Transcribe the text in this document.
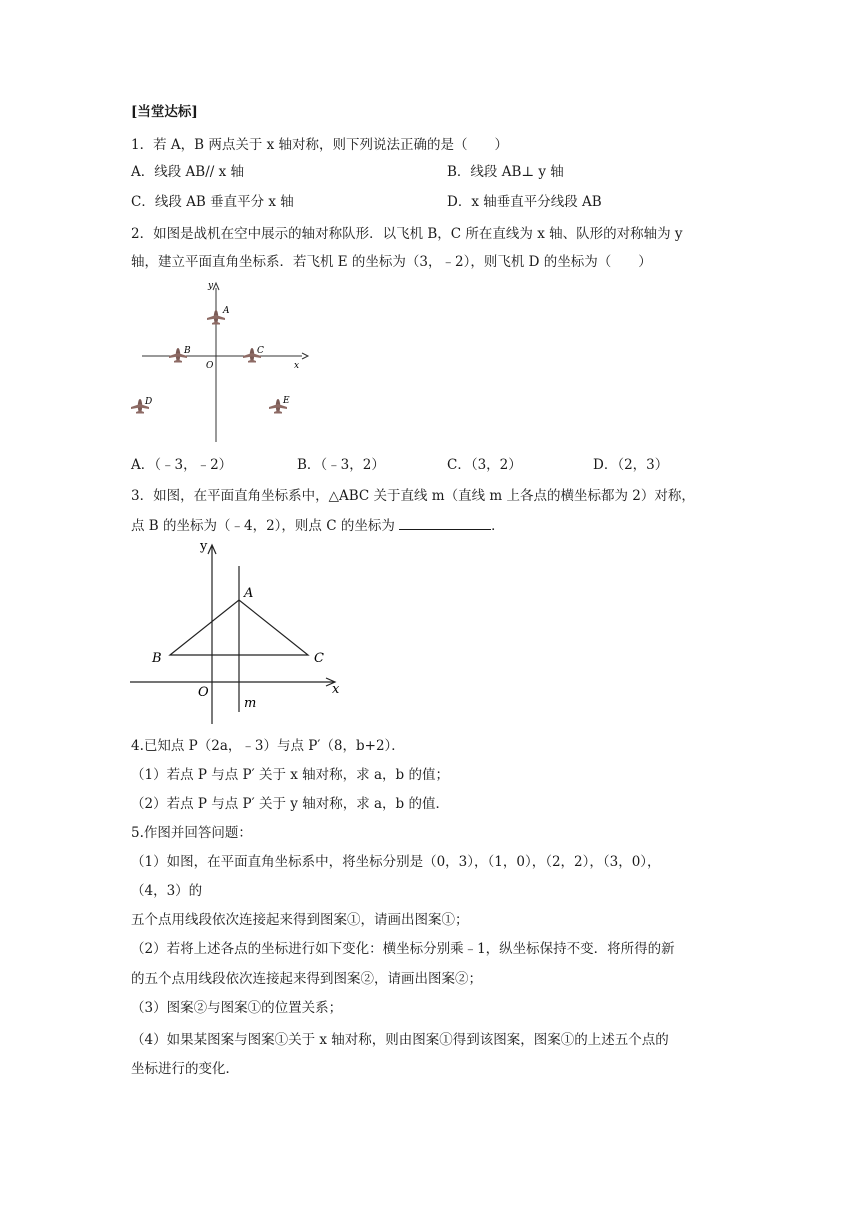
[当堂达标]
1．若 A，B 两点关于 x 轴对称，则下列说法正确的是（　　）
A．线段 AB// x 轴	B．线段 AB⊥ y 轴
C．线段 AB 垂直平分 x 轴	D．x 轴垂直平分线段 AB
2．如图是战机在空中展示的轴对称队形．以飞机 B，C 所在直线为 x 轴、队形的对称轴为 y
轴，建立平面直角坐标系．若飞机 E 的坐标为（3，﹣2），则飞机 D 的坐标为（　　）
y
x
O
A
B	C
D	E
A．（﹣3，﹣2）	B．（﹣3，2）	C．（3，2）	D．（2，3）
3．如图，在平面直角坐标系中，△ABC 关于直线 m（直线 m 上各点的横坐标都为 2）对称，
点 B 的坐标为（﹣4，2），则点 C 的坐标为	．
y
x
O
m
A
B	C
4.已知点 P（2a，﹣3）与点 P′（8，b+2）．
（1）若点 P 与点 P′ 关于 x 轴对称，求 a，b 的值；
（2）若点 P 与点 P′ 关于 y 轴对称，求 a，b 的值．
5.作图并回答问题：
（1）如图，在平面直角坐标系中，将坐标分别是（0，3），（1，0），（2，2），（3，0），
（4，3）的
五个点用线段依次连接起来得到图案①，请画出图案①；
（2）若将上述各点的坐标进行如下变化：横坐标分别乘﹣1，纵坐标保持不变．将所得的新
的五个点用线段依次连接起来得到图案②，请画出图案②；
（3）图案②与图案①的位置关系；
（4）如果某图案与图案①关于 x 轴对称，则由图案①得到该图案，图案①的上述五个点的
坐标进行的变化．
